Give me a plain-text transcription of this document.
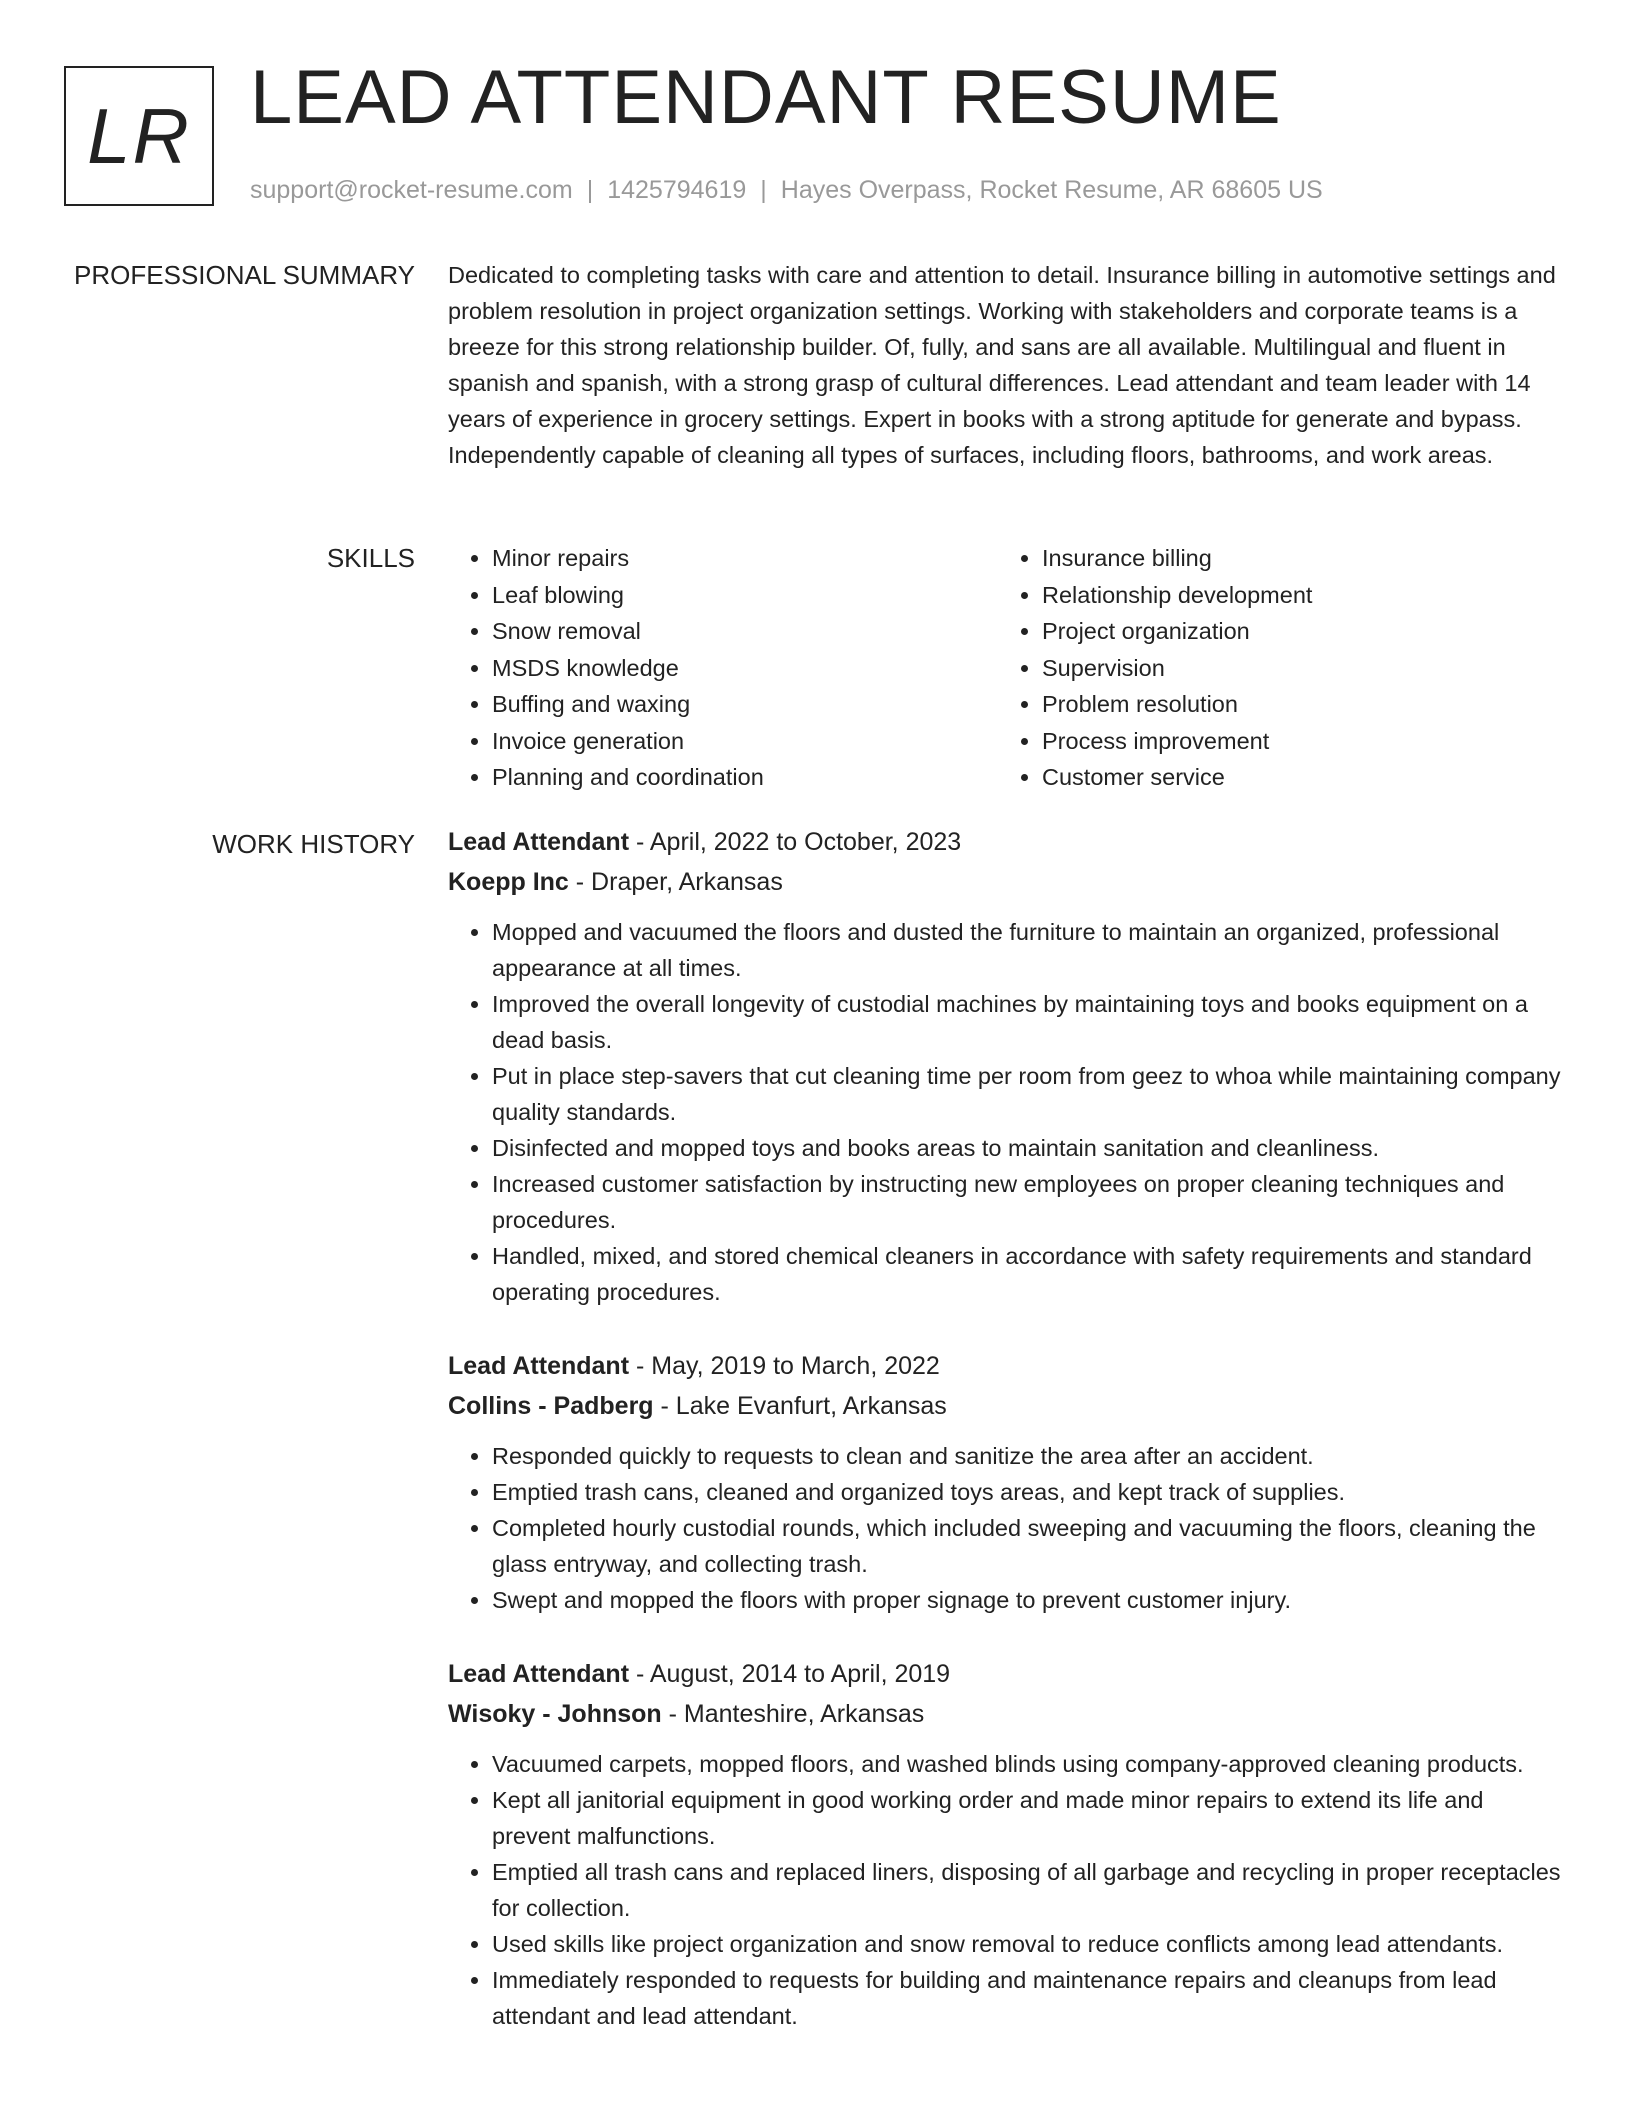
LR LEAD ATTENDANT RESUME
support@rocket-resume.com | 1425794619 | Hayes Overpass, Rocket Resume, AR 68605 US
PROFESSIONAL SUMMARY Dedicated to completing tasks with care and attention to detail. Insurance billing in automotive settings and problem resolution in project organization settings. Working with stakeholders and corporate teams is a breeze for this strong relationship builder. Of, fully, and sans are all available. Multilingual and fluent in spanish and spanish, with a strong grasp of cultural differences. Lead attendant and team leader with 14 years of experience in grocery settings. Expert in books with a strong aptitude for generate and bypass. Independently capable of cleaning all types of surfaces, including floors, bathrooms, and work areas.

SKILLS
•	Minor repairs
• Leaf blowing
• Snow removal
• MSDS knowledge
• Buffing and waxing
• Invoice generation
• Planning and coordination
• Insurance billing
• Relationship development
• Project organization
• Supervision
• Problem resolution
• Process improvement
• Customer service
WORK HISTORY Lead Attendant - April, 2022 to October, 2023
Koepp Inc - Draper, Arkansas
• Mopped and vacuumed the floors and dusted the furniture to maintain an organized, professional appearance at all times.
• Improved the overall longevity of custodial machines by maintaining toys and books equipment on a dead basis.
• Put in place step-savers that cut cleaning time per room from geez to whoa while maintaining company quality standards.
• Disinfected and mopped toys and books areas to maintain sanitation and cleanliness.
• Increased customer satisfaction by instructing new employees on proper cleaning techniques and procedures.
• Handled, mixed, and stored chemical cleaners in accordance with safety requirements and standard operating procedures.
Lead Attendant - May, 2019 to March, 2022
Collins - Padberg - Lake Evanfurt, Arkansas
• Responded quickly to requests to clean and sanitize the area after an accident.
• Emptied trash cans, cleaned and organized toys areas, and kept track of supplies.
• Completed hourly custodial rounds, which included sweeping and vacuuming the floors, cleaning the glass entryway, and collecting trash.
• Swept and mopped the floors with proper signage to prevent customer injury.
Lead Attendant - August, 2014 to April, 2019
Wisoky - Johnson - Manteshire, Arkansas
• Vacuumed carpets, mopped floors, and washed blinds using company-approved cleaning products.
• Kept all janitorial equipment in good working order and made minor repairs to extend its life and prevent malfunctions.
• Emptied all trash cans and replaced liners, disposing of all garbage and recycling in proper receptacles for collection.
• Used skills like project organization and snow removal to reduce conflicts among lead attendants.
• Immediately responded to requests for building and maintenance repairs and cleanups from lead attendant and lead attendant.
